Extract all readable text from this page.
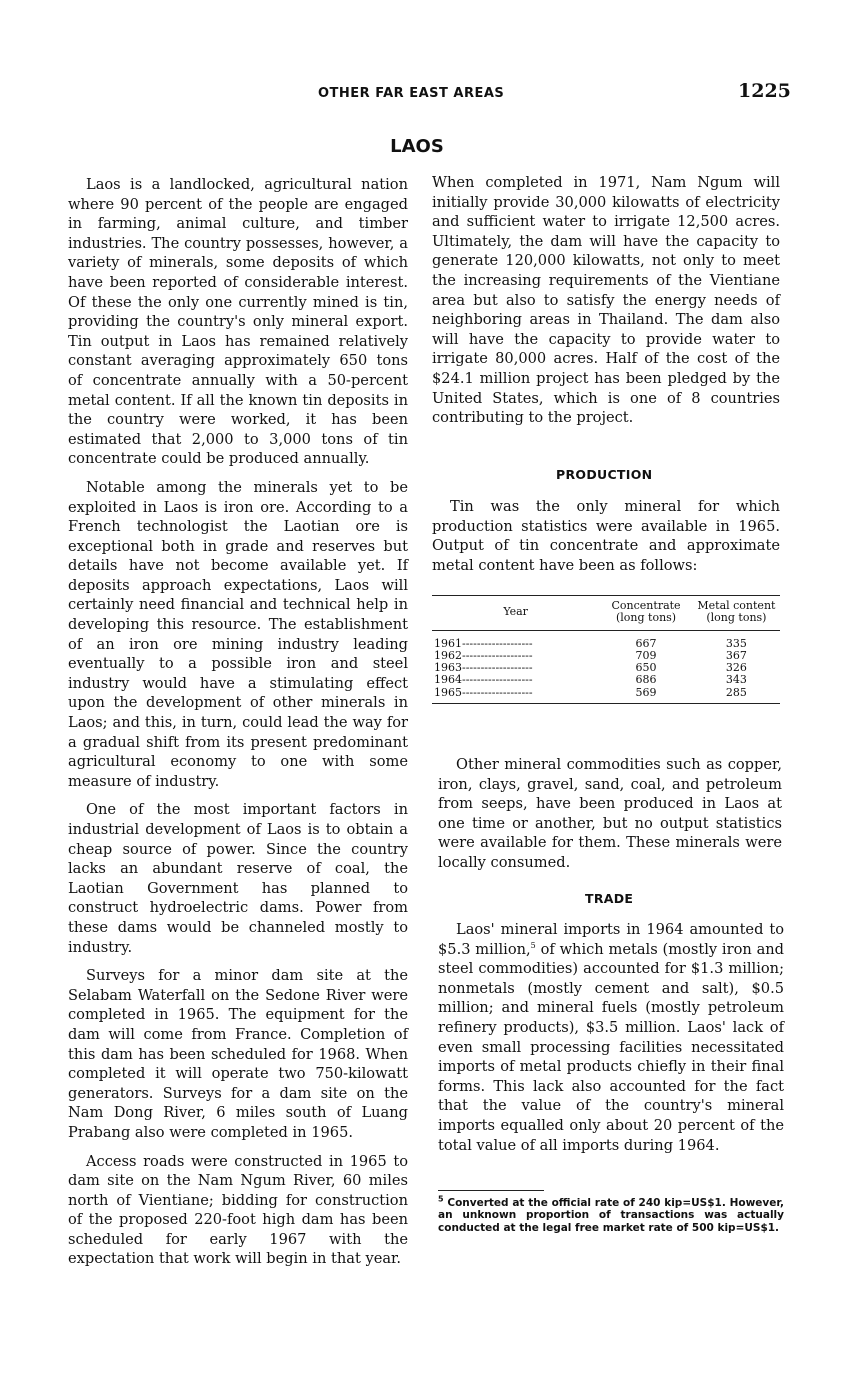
OTHER FAR EAST AREAS	1225
LAOS

Laos is a landlocked, agricultural nation where 90 percent of the people are engaged in farming, animal culture, and timber industries. The country possesses, however, a variety of minerals, some deposits of which have been reported of considerable interest. Of these the only one currently mined is tin, providing the country's only mineral export. Tin output in Laos has remained relatively constant averaging approximately 650 tons of concentrate annually with a 50-percent metal content. If all the known tin deposits in the country were worked, it has been estimated that 2,000 to 3,000 tons of tin concentrate could be produced annually.

Notable among the minerals yet to be exploited in Laos is iron ore. According to a French technologist the Laotian ore is exceptional both in grade and reserves but details have not become available yet. If deposits approach expectations, Laos will certainly need financial and technical help in developing this resource. The establishment of an iron ore mining industry leading eventually to a possible iron and steel industry would have a stimulating effect upon the development of other minerals in Laos; and this, in turn, could lead the way for a gradual shift from its present predominant agricultural economy to one with some measure of industry.

One of the most important factors in industrial development of Laos is to obtain a cheap source of power. Since the country lacks an abundant reserve of coal, the Laotian Government has planned to construct hydroelectric dams. Power from these dams would be channeled mostly to industry.

Surveys for a minor dam site at the Selabam Waterfall on the Sedone River were completed in 1965. The equipment for the dam will come from France. Completion of this dam has been scheduled for 1968. When completed it will operate two 750-kilowatt generators. Surveys for a dam site on the Nam Dong River, 6 miles south of Luang Prabang also were completed in 1965.

Access roads were constructed in 1965 to dam site on the Nam Ngum River, 60 miles north of Vientiane; bidding for construction of the proposed 220-foot high dam has been scheduled for early 1967 with the expectation that work will begin in that year.

When completed in 1971, Nam Ngum will initially provide 30,000 kilowatts of electricity and sufficient water to irrigate 12,500 acres. Ultimately, the dam will have the capacity to generate 120,000 kilowatts, not only to meet the increasing requirements of the Vientiane area but also to satisfy the energy needs of neighboring areas in Thailand. The dam also will have the capacity to provide water to irrigate 80,000 acres. Half of the cost of the $24.1 million project has been pledged by the United States, which is one of 8 countries contributing to the project.

PRODUCTION

Tin was the only mineral for which production statistics were available in 1965. Output of tin concentrate and approximate metal content have been as follows:

Year	Concentrate (long tons)	Metal content (long tons)
1961-------------------	667	335
1962-------------------	709	367
1963-------------------	650	326
1964-------------------	686	343
1965-------------------	569	285

Other mineral commodities such as copper, iron, clays, gravel, sand, coal, and petroleum from seeps, have been produced in Laos at one time or another, but no output statistics were available for them. These minerals were locally consumed.

TRADE

Laos' mineral imports in 1964 amounted to $5.3 million,$^5$ of which metals (mostly iron and steel commodities) accounted for $1.3 million; nonmetals (mostly cement and salt), $0.5 million; and mineral fuels (mostly petroleum refinery products), $3.5 million. Laos' lack of even small processing facilities necessitated imports of metal products chiefly in their final forms. This lack also accounted for the fact that the value of the country's mineral imports equalled only about 20 percent of the total value of all imports during 1964.

$^5$ Converted at the official rate of 240 kip=US$1. However, an unknown proportion of transactions was actually conducted at the legal free market rate of 500 kip=US$1.
